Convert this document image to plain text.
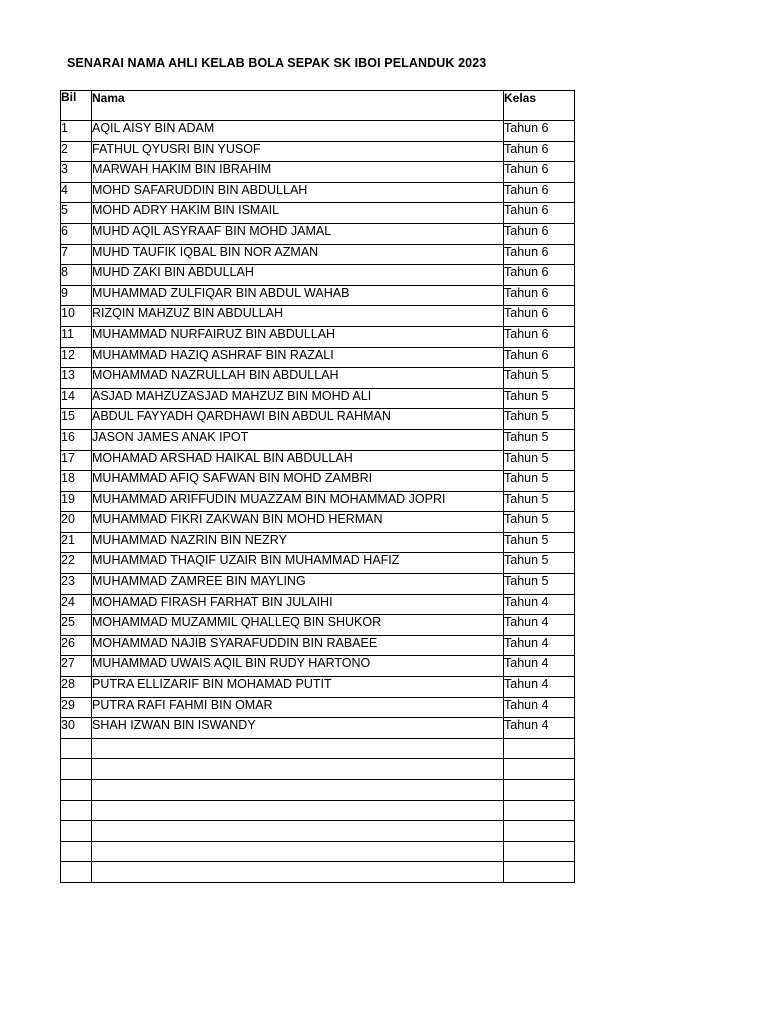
SENARAI NAMA AHLI KELAB BOLA SEPAK SK IBOI PELANDUK 2023
Bil	Nama	Kelas
1	AQIL AISY BIN ADAM	Tahun 6
2	FATHUL QYUSRI BIN YUSOF	Tahun 6
3	MARWAH HAKIM BIN IBRAHIM	Tahun 6
4	MOHD SAFARUDDIN BIN ABDULLAH	Tahun 6
5	MOHD ADRY HAKIM BIN ISMAIL	Tahun 6
6	MUHD AQIL ASYRAAF BIN MOHD JAMAL	Tahun 6
7	MUHD TAUFIK IQBAL BIN NOR AZMAN	Tahun 6
8	MUHD ZAKI BIN ABDULLAH	Tahun 6
9	MUHAMMAD ZULFIQAR BIN ABDUL WAHAB	Tahun 6
10	RIZQIN MAHZUZ BIN ABDULLAH	Tahun 6
11	MUHAMMAD NURFAIRUZ BIN ABDULLAH	Tahun 6
12	MUHAMMAD HAZIQ ASHRAF BIN RAZALI	Tahun 6
13	MOHAMMAD NAZRULLAH BIN ABDULLAH	Tahun 5
14	ASJAD MAHZUZASJAD MAHZUZ BIN MOHD ALI	Tahun 5
15	ABDUL FAYYADH QARDHAWI BIN ABDUL RAHMAN	Tahun 5
16	JASON JAMES ANAK IPOT	Tahun 5
17	MOHAMAD ARSHAD HAIKAL BIN ABDULLAH	Tahun 5
18	MUHAMMAD AFIQ SAFWAN BIN MOHD ZAMBRI	Tahun 5
19	MUHAMMAD ARIFFUDIN MUAZZAM BIN MOHAMMAD JOPRI	Tahun 5
20	MUHAMMAD FIKRI ZAKWAN BIN MOHD HERMAN	Tahun 5
21	MUHAMMAD NAZRIN BIN NEZRY	Tahun 5
22	MUHAMMAD THAQIF UZAIR BIN MUHAMMAD HAFIZ	Tahun 5
23	MUHAMMAD ZAMREE BIN MAYLING	Tahun 5
24	MOHAMAD FIRASH FARHAT BIN JULAIHI	Tahun 4
25	MOHAMMAD MUZAMMIL QHALLEQ BIN SHUKOR	Tahun 4
26	MOHAMMAD NAJIB SYARAFUDDIN BIN RABAEE	Tahun 4
27	MUHAMMAD UWAIS AQIL BIN RUDY HARTONO	Tahun 4
28	PUTRA ELLIZARIF BIN MOHAMAD PUTIT	Tahun 4
29	PUTRA RAFI FAHMI BIN OMAR	Tahun 4
30	SHAH IZWAN BIN ISWANDY	Tahun 4
